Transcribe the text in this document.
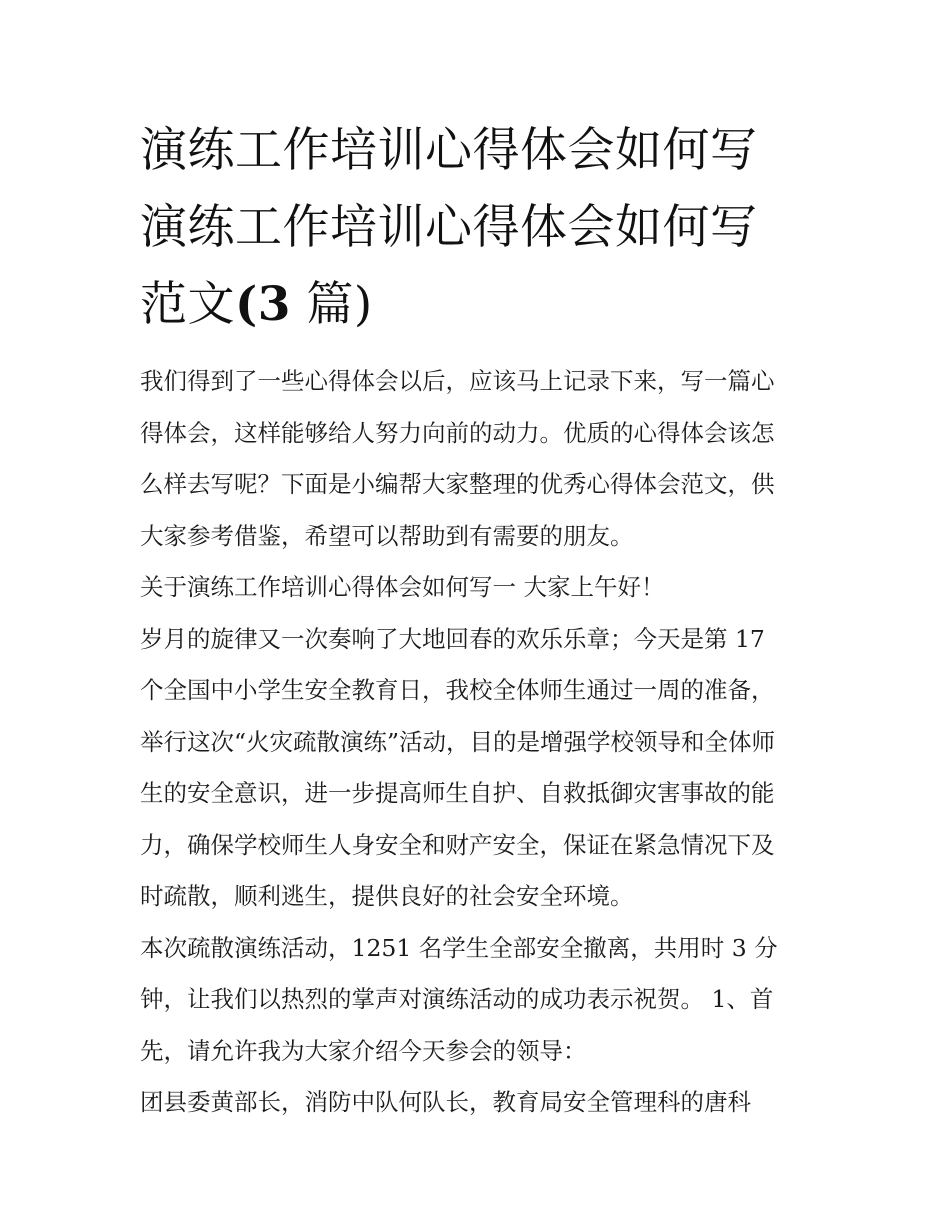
演练工作培训心得体会如何写
演练工作培训心得体会如何写
范文(3 篇)
我们得到了一些心得体会以后，应该马上记录下来，写一篇心
得体会，这样能够给人努力向前的动力。优质的心得体会该怎
么样去写呢？下面是小编帮大家整理的优秀心得体会范文，供
大家参考借鉴，希望可以帮助到有需要的朋友。
关于演练工作培训心得体会如何写一 大家上午好！
岁月的旋律又一次奏响了大地回春的欢乐乐章；今天是第 17
个全国中小学生安全教育日，我校全体师生通过一周的准备，
举行这次“火灾疏散演练”活动，目的是增强学校领导和全体师
生的安全意识，进一步提高师生自护、自救抵御灾害事故的能
力，确保学校师生人身安全和财产安全，保证在紧急情况下及
时疏散，顺利逃生，提供良好的社会安全环境。
本次疏散演练活动，1251 名学生全部安全撤离，共用时 3 分
钟，让我们以热烈的掌声对演练活动的成功表示祝贺。 1、首
先，请允许我为大家介绍今天参会的领导：
团县委黄部长，消防中队何队长，教育局安全管理科的唐科
